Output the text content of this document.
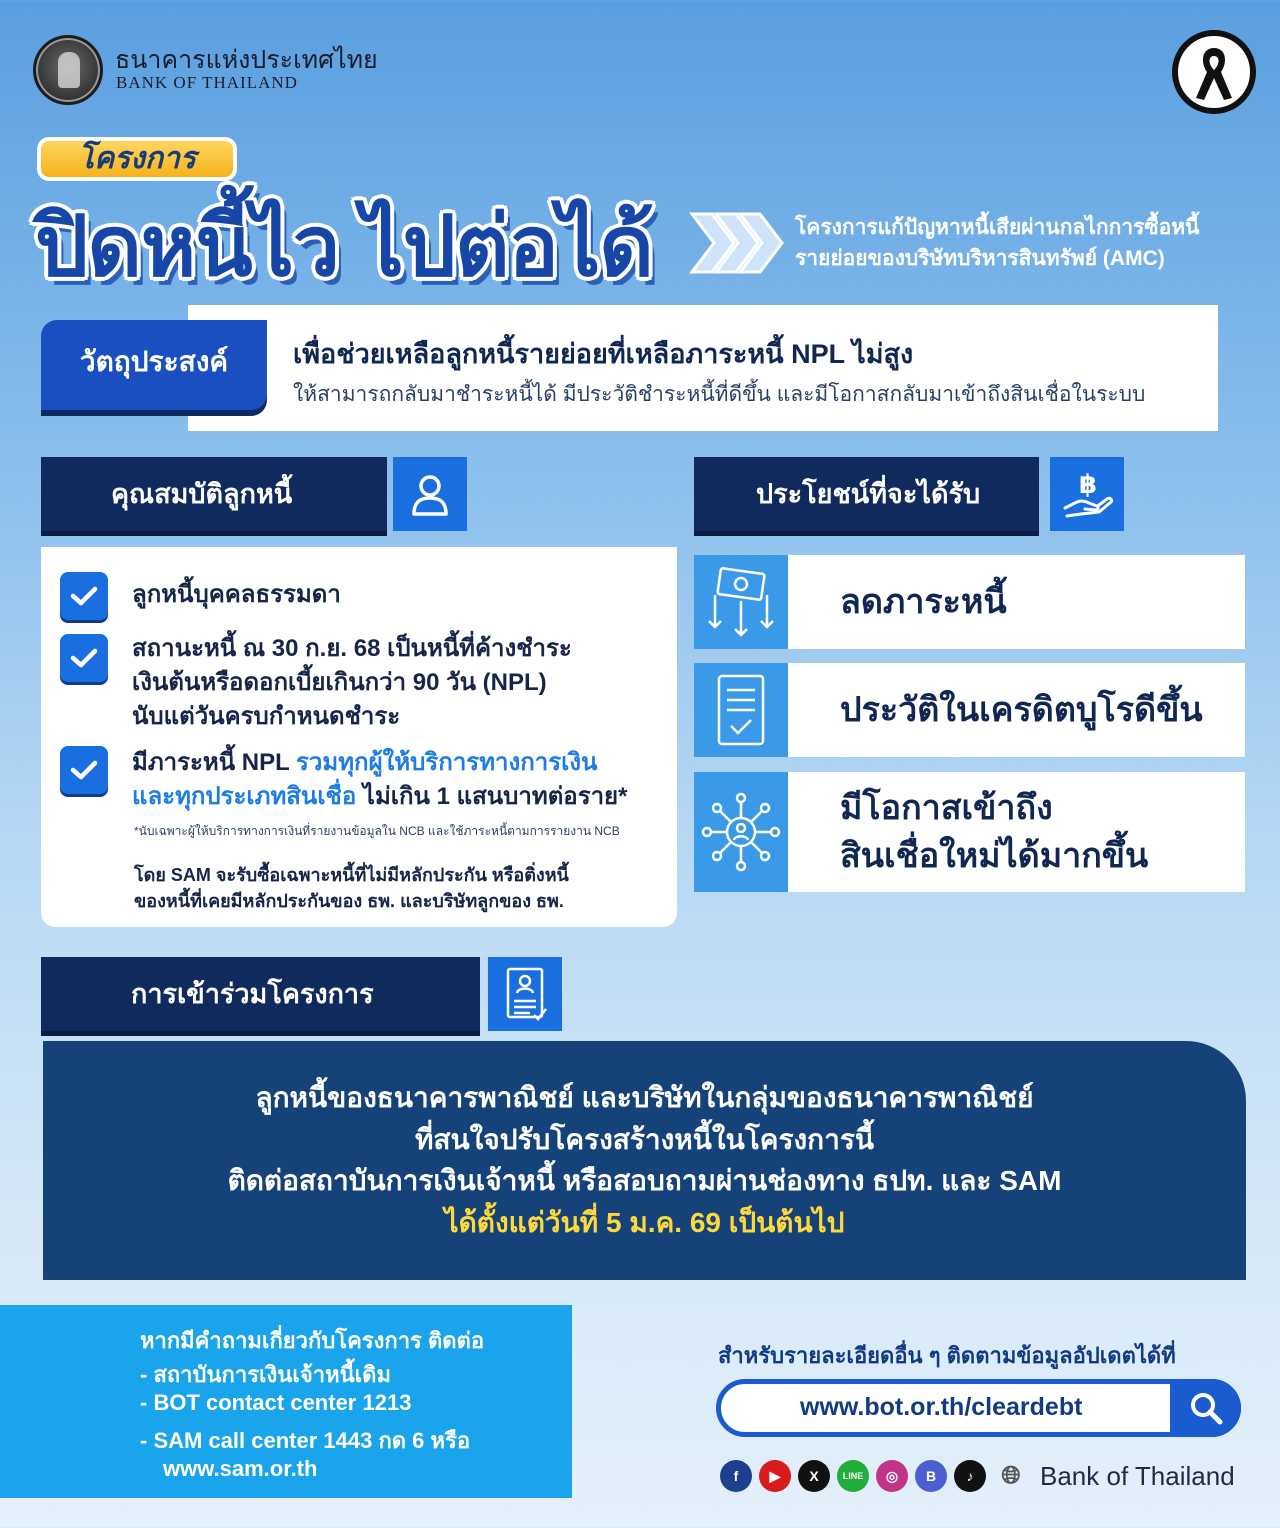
ธนาคารแห่งประเทศไทย
BANK OF THAILAND
ปิดหนี้ไว ไปต่อได้
โครงการ
โครงการแก้ปัญหาหนี้เสียผ่านกลไกการซื้อหนี้
รายย่อยของบริษัทบริหารสินทรัพย์ (AMC)
วัตถุประสงค์	เพื่อช่วยเหลือลูกหนี้รายย่อยที่เหลือภาระหนี้ NPL ไม่สูง
ให้สามารถกลับมาชำระหนี้ได้ มีประวัติชำระหนี้ที่ดีขึ้น และมีโอกาสกลับมาเข้าถึงสินเชื่อในระบบ
คุณสมบัติลูกหนี้
ลูกหนี้บุคคลธรรมดา
สถานะหนี้ ณ 30 ก.ย. 68 เป็นหนี้ที่ค้างชำระ
เงินต้นหรือดอกเบี้ยเกินกว่า 90 วัน (NPL)
นับแต่วันครบกำหนดชำระ
มีภาระหนี้ NPL รวมทุกผู้ให้บริการทางการเงิน
และทุกประเภทสินเชื่อ ไม่เกิน 1 แสนบาทต่อราย*
*นับเฉพาะผู้ให้บริการทางการเงินที่รายงานข้อมูลใน NCB และใช้ภาระหนี้ตามการรายงาน NCB
โดย SAM จะรับซื้อเฉพาะหนี้ที่ไม่มีหลักประกัน หรือติ่งหนี้
ของหนี้ที่เคยมีหลักประกันของ ธพ. และบริษัทลูกของ ธพ.
ประโยชน์ที่จะได้รับ	฿
ลดภาระหนี้
ประวัติในเครดิตบูโรดีขึ้น
มีโอกาสเข้าถึง
สินเชื่อใหม่ได้มากขึ้น
การเข้าร่วมโครงการ
ลูกหนี้ของธนาคารพาณิชย์ และบริษัทในกลุ่มของธนาคารพาณิชย์
ที่สนใจปรับโครงสร้างหนี้ในโครงการนี้
ติดต่อสถาบันการเงินเจ้าหนี้ หรือสอบถามผ่านช่องทาง ธปท. และ SAM
ได้ตั้งแต่วันที่ 5 ม.ค. 69 เป็นต้นไป
หากมีคำถามเกี่ยวกับโครงการ ติดต่อ
- สถาบันการเงินเจ้าหนี้เดิม
- BOT contact center 1213
- SAM call center 1443 กด 6 หรือ
www.sam.or.th
สำหรับรายละเอียดอื่น ๆ ติดตามข้อมูลอัปเดตได้ที่
www.bot.or.th/cleardebt
f	▶	X	LINE	◎	B	♪	🌐︎ Bank of Thailand
